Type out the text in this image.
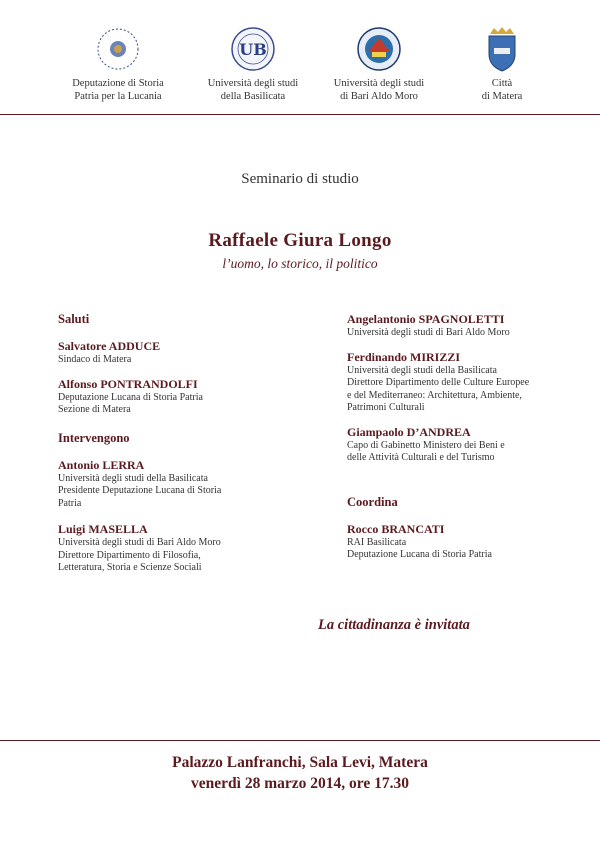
Deputazione di Storia
Patria per la Lucania
UB
Università degli studi
della Basilicata
Università degli studi
di Bari Aldo Moro
Città
di Matera
Seminario di studio
Raffaele Giura Longo
l’uomo, lo storico, il politico
Saluti
Salvatore ADDUCE
Sindaco di Matera
Alfonso PONTRANDOLFI
Deputazione Lucana di Storia Patria
Sezione di Matera
Intervengono
Antonio LERRA
Università degli studi della Basilicata
Presidente Deputazione Lucana di Storia
Patria
Luigi MASELLA
Università degli studi di Bari Aldo Moro
Direttore Dipartimento di Filosofia,
Letteratura, Storia e Scienze Sociali
Angelantonio SPAGNOLETTI
Università degli studi di Bari Aldo Moro
Ferdinando MIRIZZI
Università degli studi della Basilicata
Direttore Dipartimento delle Culture Europee
e del Mediterraneo: Architettura, Ambiente,
Patrimoni Culturali
Giampaolo D’ANDREA
Capo di Gabinetto Ministero dei Beni e
delle Attività Culturali e del Turismo
Coordina
Rocco BRANCATI
RAI Basilicata
Deputazione Lucana di Storia Patria
La cittadinanza è invitata
Palazzo Lanfranchi, Sala Levi, Matera
venerdì 28 marzo 2014, ore 17.30
